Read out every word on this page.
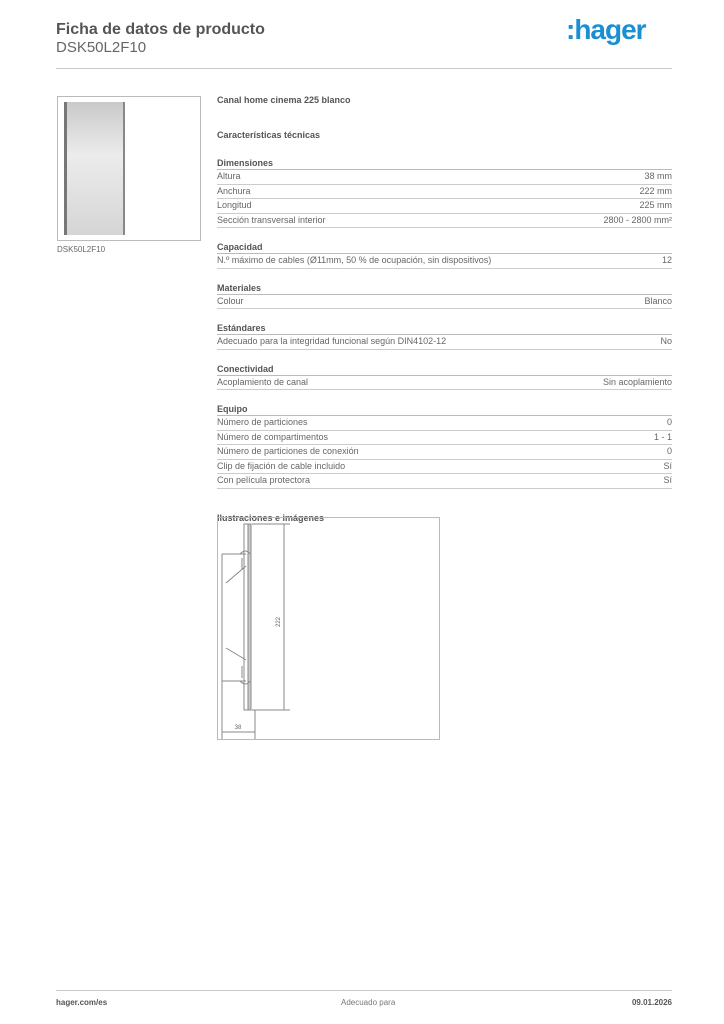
Ficha de datos de producto
DSK50L2F10
:hager
DSK50L2F10
Canal home cinema 225 blanco
Características técnicas
Dimensiones
Altura	38 mm
Anchura	222 mm
Longitud	225 mm
Sección transversal interior	2800 - 2800 mm²
Capacidad
N.º máximo de cables (Ø11mm, 50 % de ocupación, sin dispositivos)	12
Materiales
Colour	Blanco
Estándares
Adecuado para la integridad funcional según DIN4102-12	No
Conectividad
Acoplamiento de canal	Sin acoplamiento
Equipo
Número de particiones	0
Número de compartimentos	1 - 1
Número de particiones de conexión	0
Clip de fijación de cable incluido	Sí
Con película protectora	Sí
Ilustraciones e imágenes
222
38
hager.com/es	Adecuado para	09.01.2026
